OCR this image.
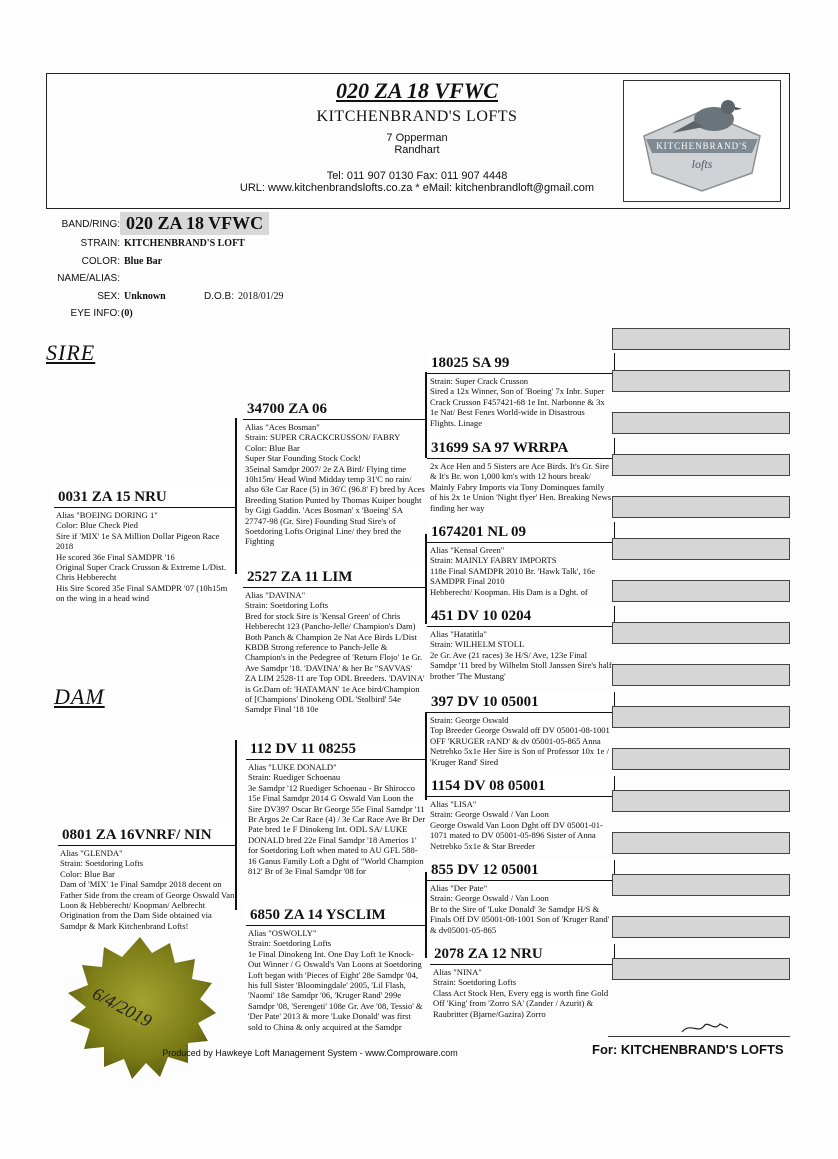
020 ZA 18 VFWC
KITCHENBRAND'S LOFTS
7 Opperman
Randhart
Tel: 011 907 0130 Fax: 011 907 4448
URL: www.kitchenbrandslofts.co.za * eMail: kitchenbrandloft@gmail.com
KITCHENBRAND'S
lofts
BAND/RING: 020 ZA 18 VFWC
STRAIN: KITCHENBRAND'S LOFT
COLOR: Blue Bar
NAME/ALIAS:
SEX: Unknown	D.O.B: 2018/01/29
EYE INFO: (0)
SIRE
DAM
0031 ZA 15 NRU
Alias "BOEING DORING 1"
Color: Blue Check Pied
Sire if 'MIX' 1e SA Million Dollar Pigeon Race 2018
He scored 36e Final SAMDPR '16
Original Super Crack Crusson & Extreme L/Dist. Chris Hebberecht
His Sire Scored 35e Final SAMDPR '07 (10h15m on the wing in a head wind
0801 ZA 16VNRF/ NIN
Alias "GLENDA"
Strain: Soetdoring Lofts
Color: Blue Bar
Dam of 'MIX' 1e Final Samdpr 2018 decent on Father Side from the cream of George Oswald Van Loon & Hebberecht/ Koopman/ Aelbrecht Origination from the Dam Side obtained via Samdpr & Mark Kitchenbrand Lofts!
34700 ZA 06
Alias "Aces Bosman"
Strain: SUPER CRACKCRUSSON/ FABRY
Color: Blue Bar
Super Star Founding Stock Cock!
35einal Samdpr 2007/ 2e ZA Bird/ Flying time 10h15m/ Head Wind Midday temp 31'C no rain/ also 63e Car Race (5) in 36'C (96.8' F) bred by Aces Breeding Station Punted by Thomas Kuiper bought by Gigi Gaddin. 'Aces Bosman' x 'Boeing' SA 27747-98 (Gr. Sire) Founding Stud Sire's of Soetdoring Lofts Original Line/ they bred the Fighting
2527 ZA 11 LIM
Alias "DAVINA"
Strain: Soetdoring Lofts
Bred for stock Sire is 'Kensal Green' of Chris Hebberecht 123 (Pancho-Jelle/ Champion's Dam) Both Panch & Champion 2e Nat Ace Birds L/Dist KBDB Strong reference to Panch-Jelle & Champion's in the Pedegree of 'Return Flojo' 1e Gr. Ave Samdpr '18. 'DAVINA' & her Br "SAVVAS' ZA LIM 2528-11 are Top ODL Breeders. 'DAVINA' is Gr.Dam of: 'HATAMAN' 1e Ace bird/Champion of [Champions' Dinokeng ODL 'Stolbird' 54e Samdpr Final '18 10e
112 DV 11 08255
Alias "LUKE DONALD"
Strain: Ruediger Schoenau
3e Samdpr '12 Ruediger Schoenau - Br Shirocco 15e Final Samdpr 2014 G Oswald Van Loon the Sire DV397 Oscar Br George 55e Final Samdpr '11 Br Argos 2e Car Race (4) / 3e Car Race Ave Br Der Pate bred 1e F Dinokeng Int. ODL SA/ LUKE DONALD bred 22e Final Samdpr '18 Amerios 1' for Soetdoring Loft when mated to AU GFL 588-16 Ganus Family Loft a Dght of "World Champion 812' Br of 3e Final Samdpr '08 for
6850 ZA 14 YSCLIM
Alias "OSWOLLY"
Strain: Soetdoring Lofts
1e Final Dinokeng Int. One Day Loft 1e Knock-Out Winner / G Oswald's Van Loons at Soetdoring Loft began with 'Pieces of Eight' 28e Samdpr '04, his full Sister 'Bloomingdale' 2005, 'Lil Flash, 'Naomi' 18e Samdpr '06, 'Kruger Rand' 299e Samdpr '08, 'Serengeti' 108e Gr. Ave '08, Tessio' & 'Der Pate' 2013 & more 'Luke Donald' was first sold to China & only acquired at the Samdpr
18025 SA 99
Strain: Super Crack Crusson
Sired a 12x Winner, Son of 'Boeing' 7x Inbr. Super Crack Crusson F457421-68 1e Int. Narbonne & 3x 1e Nat/ Best Fenes World-wide in Disastrous Flights. Linage
31699 SA 97 WRRPA
2x Ace Hen and 5 Sisters are Ace Birds. It's Gr. Sire & It's Br. won 1,000 km's with 12 hours break/ Mainly Fabry Imports via Tony Dominques family of his 2x 1e Union 'Night flyer' Hen. Breaking News finding her way
1674201 NL 09
Alias "Kensal Green"
Strain: MAINLY FABRY IMPORTS
118e Final SAMDPR 2010 Br. 'Hawk Talk', 16e SAMDPR Final 2010
Hebberecht/ Koopman. His Dam is a Dght. of
451 DV 10 0204
Alias "Hatatitla"
Strain: WILHELM STOLL
2e Gr. Ave (21 races) 3e H/S/ Ave, 123e Final Samdpr '11 bred by Wilhelm Stoll Janssen Sire's half brother 'The Mustang'
397 DV 10 05001
Strain: George Oswald
Top Breeder George Oswald off DV 05001-08-1001 OFF 'KRUGER rAND' & dv 05001-05-865 Anna Netrebko 5x1e Her Sire is Son of Professor 10x 1e / 'Kruger Rand' Sired
1154 DV 08 05001
Alias "LISA"
Strain: George Oswald / Van Loon
George Oswald Van Loon Dght off DV 05001-01-1071 mated to DV 05001-05-896 Sister of Anna Netrebko 5x1e & Star Breeder
855 DV 12 05001
Alias "Der Pate"
Strain: George Oswald / Van Loon
Br to the Sire of 'Luke Donald' 3e Samdpr H/S & Finals Off DV 05001-08-1001 Son of 'Kruger Rand' & dv05001-05-865
2078 ZA 12 NRU
Alias "NINA"
Strain: Soetdoring Lofts
Class Act Stock Hen, Every egg is worth fine Gold Off 'King' from 'Zorro SA' (Zander / Azurit) & Raubritter (Bjarne/Gazira) Zorro
6/4/2019
Produced by Hawkeye Loft Management System - www.Comproware.com	For: KITCHENBRAND'S LOFTS
